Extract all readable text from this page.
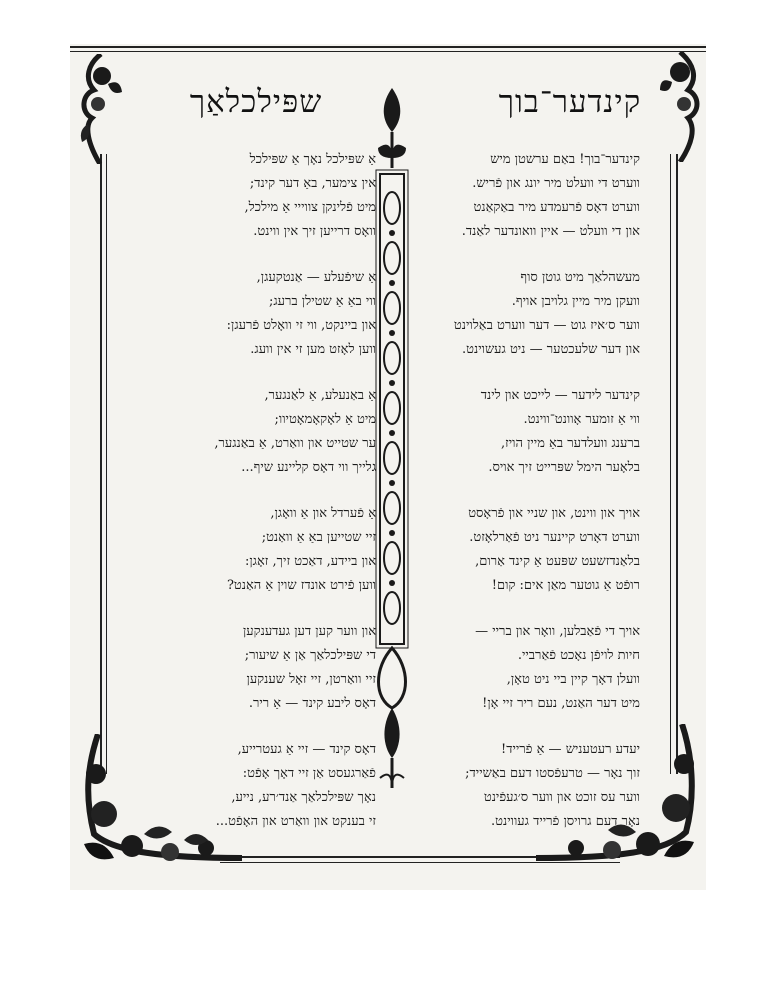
קינדער־בוך
שפּילכלאַך
קינדער־בוך! באַם ערשטן מיש
ווערט די וועלט מיר יונג און פֿריש.
ווערט דאָס פֿרעמדע מיר באַקאַנט
און די וועלט — איין וואונדער לאַנד.
מעשהלאַך מיט גוטן סוף
וועקן מיר מיין גלויבן אויף.
ווער ס׳איז גוט — דער ווערט באַלוינט
און דער שלעכטער — ניט געשוינט.
קינדער לידער — לייכט און לינד
ווי אַ זומער אָוונט־ווינט.
ברענג וועלדער באַ מיין הויז,
בלאָער הימל שפּרייט זיך אויס.
אויך און ווינט, און שניי און פֿראָסט
ווערט דאָרט קיינער ניט פֿאַרלאָזט.
בלאַנדזשעט שפּעט אַ קינד אַרום,
רופֿט אַ גוטער מאַן אים: קום!
אויך די פֿאַבלען, וואָר און בריי —
חיות לויפֿן נאָכט פֿאַרביי.
וועלן דאָך קיין ביי ניט טאָן,
מיט דער האַנט, נעם ריר זיי אָן!
יעדע רעטעניש — אַ פֿרייד!
זוך נאָר — טרעפֿסטו דעם באַשייד;
ווער עס זוכט און ווער ס׳געפֿינט
נאָר דעם גרויסן פֿרייד געווינט.
אַ שפּילכל נאָך אַ שפּילכל
אין צימער, באַ דער קינד;
מיט פֿלינקן צווייי אַ מילכל,
וואָס דרייען זיך אין ווינט.
אַ שיפֿעלע — אַנטקעגן,
ווי באַ אַ שטילן ברעג;
און ביינקט, ווי זי וואָלט פֿרעגן:
ווען לאָזט מען זי אין וועג.
אַ באַנעלע, אַ לאַנגער,
מיט אַ לאָקאָמאָטיוו;
ער שטייט און וואַרט, אַ באַנגער,
גלייך ווי דאָס קליינע שיף...
אַ פֿערדל און אַ וואָגן,
זיי שטייען באַ אַ וואַנט;
און ביידע, דאַכט זיך, זאָגן:
ווען פֿירט אונדז שוין אַ האַנט?
און ווער קען דען געדענקען
די שפּילכלאַך אַן אַ שיעור;
זיי וואַרטן, זיי זאָל שענקען
דאָס ליבע קינד — אַ ריר.
דאָס קינד — זיי אַ געטרייע,
פֿאַרגעסט אַן זיי דאָך אָפֿט:
נאָך שפּילכלאַך אַנד׳רע, נייע,
זי בענקט און וואַרט און האָפֿט...
